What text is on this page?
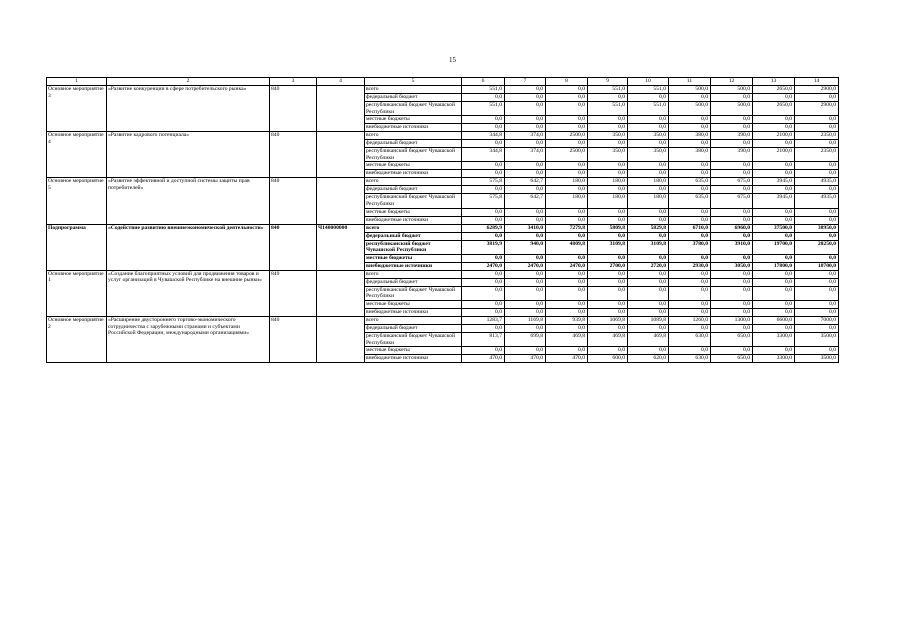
15
1	2	3	4	5	6	7	8	9	10	11	12	13	14
Основное мероприятие 3	«Развитие конкуренции в сфере потребительского рынка»	840		всего	551,0	0,0	0,0	551,0	551,0	500,0	500,0	2650,0	2900,0
				федеральный бюджет	0,0	0,0	0,0	0,0	0,0	0,0	0,0	0,0	0,0
				республиканский бюджет Чувашской Республики	551,0	0,0	0,0	551,0	551,0	500,0	500,0	2650,0	2900,0
				местные бюджеты	0,0	0,0	0,0	0,0	0,0	0,0	0,0	0,0	0,0
				внебюджетные источники	0,0	0,0	0,0	0,0	0,0	0,0	0,0	0,0	0,0
Основное мероприятие 4	«Развитие кадрового потенциала»	840		всего	344,8	374,0	2500,0	350,0	350,0	380,0	390,0	2100,0	2350,0
				федеральный бюджет	0,0	0,0	0,0	0,0	0,0	0,0	0,0	0,0	0,0
				республиканский бюджет Чувашской Республики	344,8	374,0	2500,0	350,0	350,0	380,0	390,0	2100,0	2350,0
				местные бюджеты	0,0	0,0	0,0	0,0	0,0	0,0	0,0	0,0	0,0
				внебюджетные источники	0,0	0,0	0,0	0,0	0,0	0,0	0,0	0,0	0,0
Основное мероприятие 5	«Развитие эффективной и доступной системы защиты прав потребителей»	840		всего	575,8	642,7	180,0	180,0	180,0	635,0	675,0	3945,0	4935,0
				федеральный бюджет	0,0	0,0	0,0	0,0	0,0	0,0	0,0	0,0	0,0
				республиканский бюджет Чувашской Республики	575,8	642,7	180,0	180,0	180,0	635,0	675,0	3945,0	4935,0
				местные бюджеты	0,0	0,0	0,0	0,0	0,0	0,0	0,0	0,0	0,0
				внебюджетные источники	0,0	0,0	0,0	0,0	0,0	0,0	0,0	0,0	0,0
Подпрограмма	«Содействие развитию внешнеэкономической деятельности»	840	Ч140000000	всего	6289,9	3410,0	7279,8	5809,8	5829,8	6710,0	6960,0	37500,0	38950,0
				федеральный бюджет	0,0	0,0	0,0	0,0	0,0	0,0	0,0	0,0	0,0
				республиканский бюджет Чувашской Республики	3819,9	940,0	4809,8	3109,8	3109,8	3780,0	3910,0	19700,0	20250,0
				местные бюджеты	0,0	0,0	0,0	0,0	0,0	0,0	0,0	0,0	0,0
				внебюджетные источники	2470,0	2470,0	2470,0	2700,0	2720,0	2930,0	3050,0	17800,0	18700,0
Основное мероприятие 1	«Создание благоприятных условий для продвижения товаров и услуг организаций в Чувашской Республике на внешние рынки»	840		всего	0,0	0,0	0,0	0,0	0,0	0,0	0,0	0,0	0,0
				федеральный бюджет	0,0	0,0	0,0	0,0	0,0	0,0	0,0	0,0	0,0
				республиканский бюджет Чувашской Республики	0,0	0,0	0,0	0,0	0,0	0,0	0,0	0,0	0,0
				местные бюджеты	0,0	0,0	0,0	0,0	0,0	0,0	0,0	0,0	0,0
				внебюджетные источники	0,0	0,0	0,0	0,0	0,0	0,0	0,0	0,0	0,0
Основное мероприятие 2	«Расширение двустороннего торгово-экономического сотрудничества с зарубежными странами и субъектами Российской Федерации, международными организациями»	840		всего	1283,7	1169,8	939,8	1069,8	1089,8	1260,0	1300,0	6600,0	7000,0
				федеральный бюджет	0,0	0,0	0,0	0,0	0,0	0,0	0,0	0,0	0,0
				республиканский бюджет Чувашской Республики	813,7	699,8	469,8	469,8	469,8	630,0	650,0	3300,0	3500,0
				местные бюджеты	0,0	0,0	0,0	0,0	0,0	0,0	0,0	0,0	0,0
				внебюджетные источники	470,0	470,0	470,0	600,0	620,0	630,0	650,0	3300,0	3500,0
